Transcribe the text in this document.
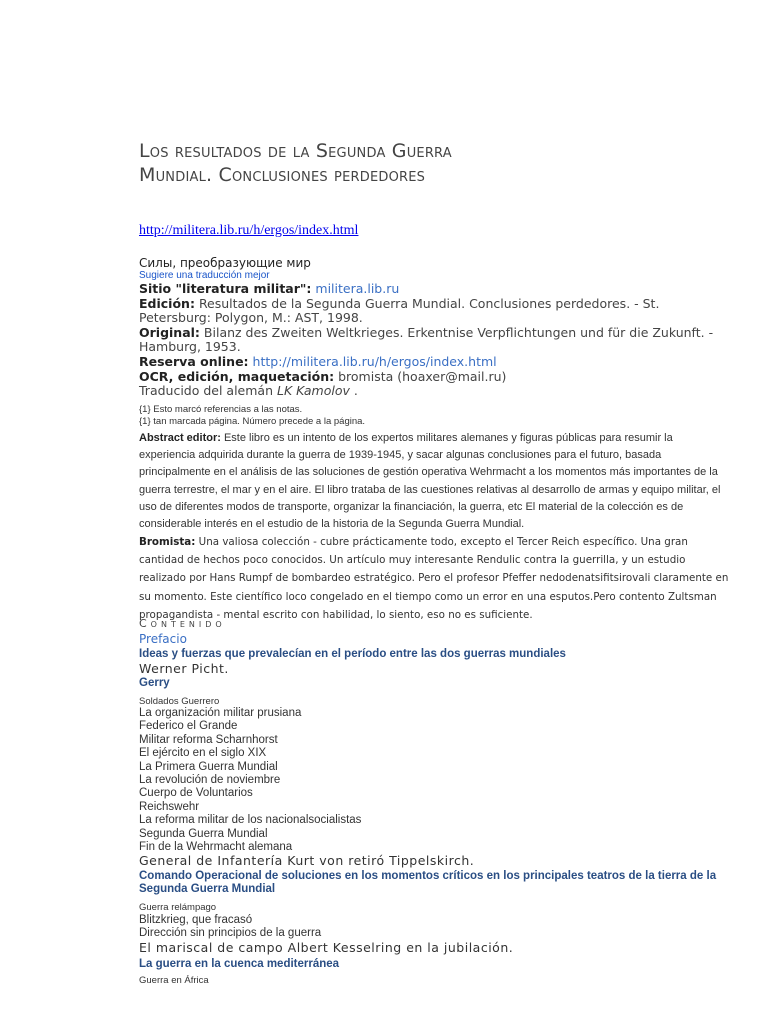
Los resultados de la Segunda Guerra
Mundial. Conclusiones perdedores
http://militera.lib.ru/h/ergos/index.html
Силы, преобразующие мир
Sugiere una traducción mejor

Sitio "literatura militar": militera.lib.ru

Edición: Resultados de la Segunda Guerra Mundial. Conclusiones perdedores. - St. Petersburg: Polygon, M.: AST, 1998.

Original: Bilanz des Zweiten Weltkrieges. Erkentnise Verpflichtungen und für die Zukunft. - Hamburg, 1953.

Reserva online: http://militera.lib.ru/h/ergos/index.html

OCR, edición, maquetación: bromista (hoaxer@mail.ru)

Traducido del alemán LK Kamolov .

{1} Esto marcó referencias a las notas.

{1} tan marcada página. Número precede a la página.

Abstract editor: Este libro es un intento de los expertos militares alemanes y figuras públicas para resumir la experiencia adquirida durante la guerra de 1939-1945, y sacar algunas conclusiones para el futuro, basada principalmente en el análisis de las soluciones de gestión operativa Wehrmacht a los momentos más importantes de la guerra terrestre, el mar y en el aire. El libro trataba de las cuestiones relativas al desarrollo de armas y equipo militar, el uso de diferentes modos de transporte, organizar la financiación, la guerra, etc El material de la colección es de considerable interés en el estudio de la historia de la Segunda Guerra Mundial.
Bromista: Una valiosa colección - cubre prácticamente todo, excepto el Tercer Reich específico. Una gran cantidad de hechos poco conocidos. Un artículo muy interesante Rendulic contra la guerrilla, y un estudio realizado por Hans Rumpf de bombardeo estratégico. Pero el profesor Pfeffer nedodenatsifitsirovali claramente en su momento. Este científico loco congelado en el tiempo como un error en una esputos.Pero contento Zultsman propagandista - mental escrito con habilidad, lo siento, eso no es suficiente.
Contenido
Prefacio
Ideas y fuerzas que prevalecían en el período entre las dos guerras mundiales
Werner Picht.
Gerry
Soldados Guerrero

La organización militar prusiana

Federico el Grande

Militar reforma Scharnhorst

El ejército en el siglo XIX

La Primera Guerra Mundial

La revolución de noviembre

Cuerpo de Voluntarios

Reichswehr

La reforma militar de los nacionalsocialistas

Segunda Guerra Mundial

Fin de la Wehrmacht alemana

General de Infantería Kurt von retiró Tippelskirch.
Comando Operacional de soluciones en los momentos críticos en los principales teatros de la tierra de la Segunda Guerra Mundial
Guerra relámpago

Blitzkrieg, que fracasó

Dirección sin principios de la guerra

El mariscal de campo Albert Kesselring en la jubilación.
La guerra en la cuenca mediterránea
Guerra en África
